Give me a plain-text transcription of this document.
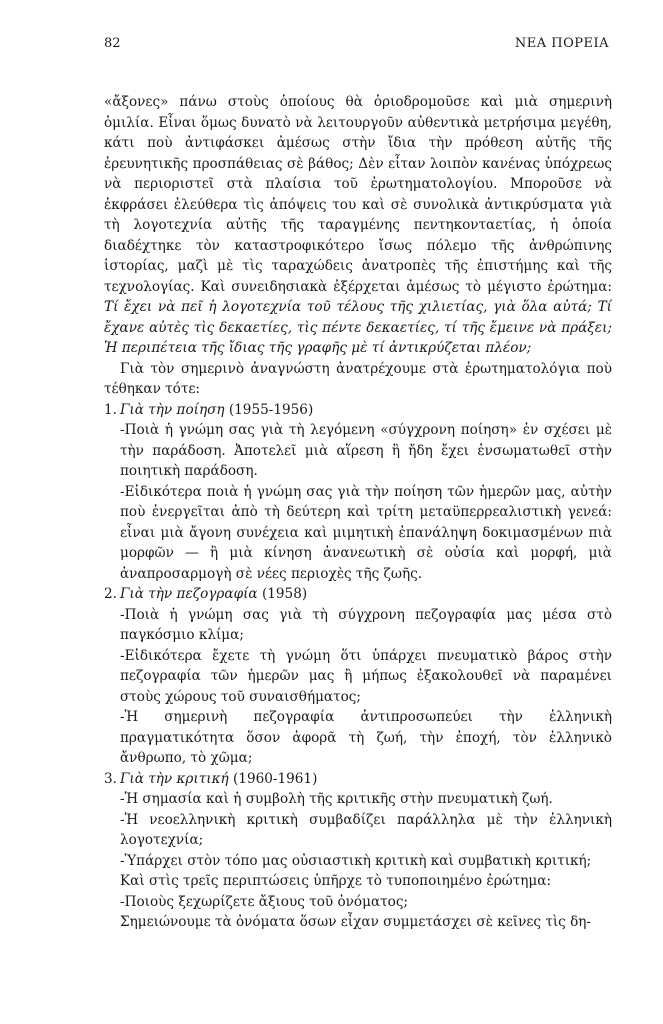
82	ΝΕΑ ΠΟΡΕΙΑ

«ἄξονες» πάνω στοὺς ὁποίους θὰ ὁριοδρομοῦσε καὶ μιὰ σημερινὴ ὁμιλία. Εἶναι ὅμως δυνατὸ νὰ λειτουργοῦν αὐθεντικὰ μετρήσιμα μεγέθη, κάτι ποὺ ἀντιφάσκει ἀμέσως στὴν ἴδια τὴν πρόθεση αὐτῆς τῆς ἐρευνητικῆς προσπάθειας σὲ βάθος; Δὲν εἶταν λοιπὸν κανένας ὑπόχρεως νὰ περιοριστεῖ στὰ πλαίσια τοῦ ἐρωτηματολογίου. Μποροῦσε νὰ ἐκφράσει ἐλεύθερα τὶς ἀπόψεις του καὶ σὲ συνολικὰ ἀντικρύσματα γιὰ τὴ λογοτεχνία αὐτῆς τῆς ταραγμένης πεντηκονταετίας, ἡ ὁποία διαδέχτηκε τὸν καταστροφικότερο ἴσως πόλεμο τῆς ἀνθρώπινης ἱστορίας, μαζὶ μὲ τὶς ταραχώδεις ἀνατροπὲς τῆς ἐπιστήμης καὶ τῆς τεχνολογίας. Καὶ συνειδησιακὰ ἐξέρχεται ἀμέσως τὸ μέγιστο ἐρώτημα: Τί ἔχει νὰ πεῖ ἡ λογοτεχνία τοῦ τέλους τῆς χιλιετίας, γιὰ ὅλα αὐτά; Τί ἔχανε αὐτὲς τὶς δεκαετίες, τὶς πέντε δεκαετίες, τί τῆς ἔμεινε νὰ πράξει; Ἡ περιπέτεια τῆς ἴδιας τῆς γραφῆς μὲ τί ἀντικρύζεται πλέον;

Γιὰ τὸν σημερινὸ ἀναγνώστη ἀνατρέχουμε στὰ ἐρωτηματολόγια ποὺ τέθηκαν τότε:

1. Γιὰ τὴν ποίηση (1955-1956)

-Ποιὰ ἡ γνώμη σας γιὰ τὴ λεγόμενη «σύγχρονη ποίηση» ἐν σχέσει μὲ τὴν παράδοση. Ἀποτελεῖ μιὰ αἵρεση ἢ ἤδη ἔχει ἐνσωματωθεῖ στὴν ποιητικὴ παράδοση.

-Εἰδικότερα ποιὰ ἡ γνώμη σας γιὰ τὴν ποίηση τῶν ἡμερῶν μας, αὐτὴν ποὺ ἐνεργεῖται ἀπὸ τὴ δεύτερη καὶ τρίτη μεταϋπερρεαλιστικὴ γενεά: εἶναι μιὰ ἄγονη συνέχεια καὶ μιμητικὴ ἐπανάληψη δοκιμασμένων πιὰ μορφῶν — ἢ μιὰ κίνηση ἀνανεωτικὴ σὲ οὐσία καὶ μορφή, μιὰ ἀναπροσαρμογὴ σὲ νέες περιοχὲς τῆς ζωῆς.

2. Γιὰ τὴν πεζογραφία (1958)

-Ποιὰ ἡ γνώμη σας γιὰ τὴ σύγχρονη πεζογραφία μας μέσα στὸ παγκόσμιο κλίμα;

-Εἰδικότερα ἔχετε τὴ γνώμη ὅτι ὑπάρχει πνευματικὸ βάρος στὴν πεζογραφία τῶν ἡμερῶν μας ἢ μήπως ἐξακολουθεῖ νὰ παραμένει στοὺς χώρους τοῦ συναισθήματος;

-Ἡ σημερινὴ πεζογραφία ἀντιπροσωπεύει τὴν ἑλληνικὴ πραγματικότητα ὅσον ἀφορᾶ τὴ ζωή, τὴν ἐποχή, τὸν ἑλληνικὸ ἄνθρωπο, τὸ χῶμα;

3. Γιὰ τὴν κριτική (1960-1961)

-Ἡ σημασία καὶ ἡ συμβολὴ τῆς κριτικῆς στὴν πνευματικὴ ζωή.

-Ἡ νεοελληνικὴ κριτικὴ συμβαδίζει παράλληλα μὲ τὴν ἑλληνικὴ λογοτεχνία;

-Ὑπάρχει στὸν τόπο μας οὐσιαστικὴ κριτικὴ καὶ συμβατικὴ κριτική;

Καὶ στὶς τρεῖς περιπτώσεις ὑπῆρχε τὸ τυποποιημένο ἐρώτημα:

-Ποιοὺς ξεχωρίζετε ἄξιους τοῦ ὀνόματος;

Σημειώνουμε τὰ ὀνόματα ὅσων εἶχαν συμμετάσχει σὲ κεῖνες τὶς δη-
